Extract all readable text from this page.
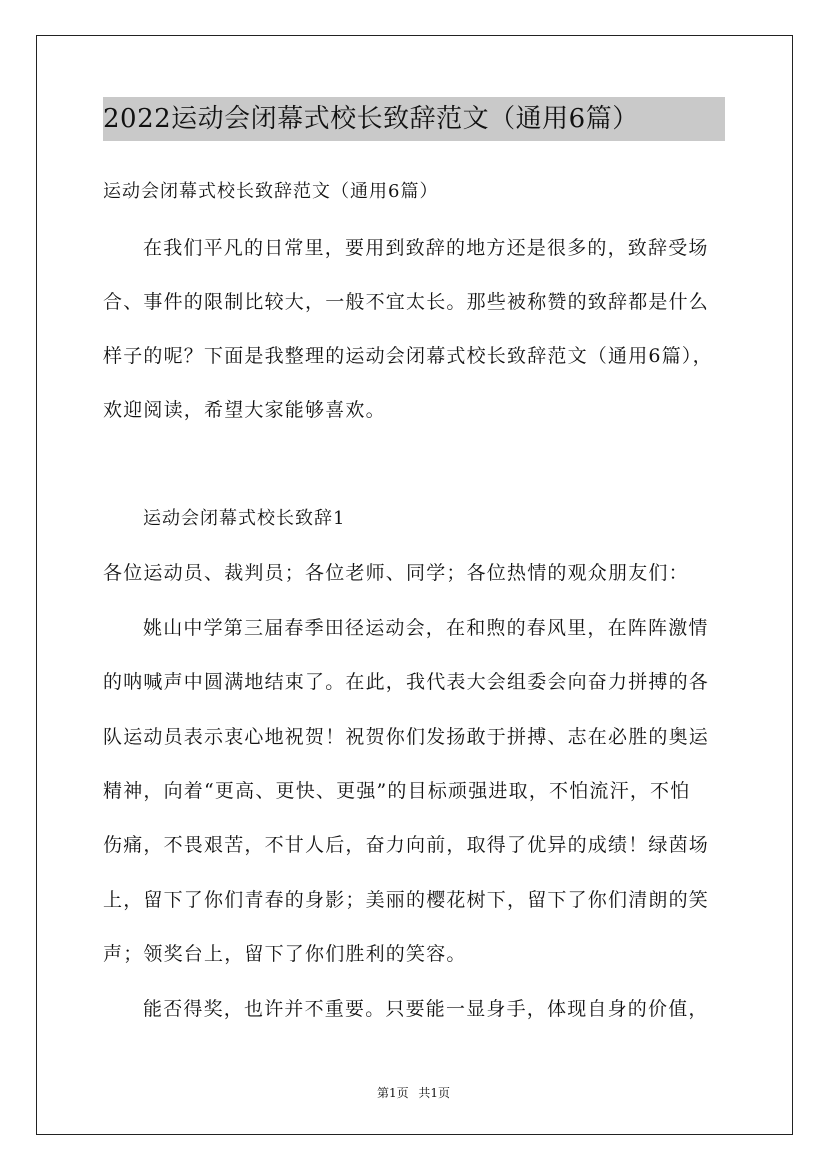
2022运动会闭幕式校长致辞范文（通用6篇）
运动会闭幕式校长致辞范文（通用6篇）
在我们平凡的日常里，要用到致辞的地方还是很多的，致辞受场
合、事件的限制比较大，一般不宜太长。那些被称赞的致辞都是什么
样子的呢？下面是我整理的运动会闭幕式校长致辞范文（通用6篇），
欢迎阅读，希望大家能够喜欢。
运动会闭幕式校长致辞1
各位运动员、裁判员；各位老师、同学；各位热情的观众朋友们：
姚山中学第三届春季田径运动会，在和煦的春风里，在阵阵激情
的呐喊声中圆满地结束了。在此，我代表大会组委会向奋力拼搏的各
队运动员表示衷心地祝贺！祝贺你们发扬敢于拼搏、志在必胜的奥运
精神，向着“更高、更快、更强”的目标顽强进取，不怕流汗，不怕
伤痛，不畏艰苦，不甘人后，奋力向前，取得了优异的成绩！绿茵场
上，留下了你们青春的身影；美丽的樱花树下，留下了你们清朗的笑
声；领奖台上，留下了你们胜利的笑容。
能否得奖，也许并不重要。只要能一显身手，体现自身的价值，
第1页 共1页
